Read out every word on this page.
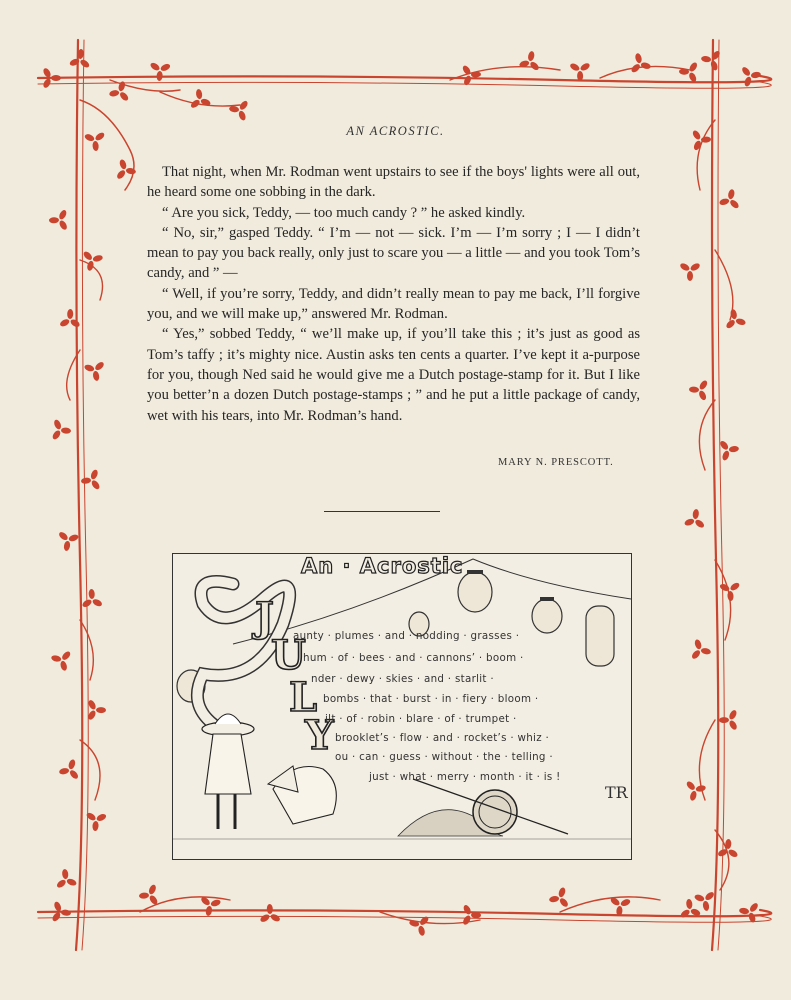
AN ACROSTIC.

That night, when Mr. Rodman went upstairs to see if the boys' lights were all out, he heard some one sobbing in the dark.

“ Are you sick, Teddy, — too much candy ? ” he asked kindly.

“ No, sir,” gasped Teddy. “ I’m — not — sick. I’m — I’m sorry ; I — I didn’t mean to pay you back really, only just to scare you — a little — and you took Tom’s candy, and ” —

“ Well, if you’re sorry, Teddy, and didn’t really mean to pay me back, I’ll forgive you, and we will make up,” answered Mr. Rodman.

“ Yes,” sobbed Teddy, “ we’ll make up, if you’ll take this ; it’s just as good as Tom’s taffy ; it’s mighty nice. Austin asks ten cents a quarter. I’ve kept it a-purpose for you, though Ned said he would give me a Dutch postage-stamp for it. But I like you better’n a dozen Dutch postage-stamps ; ” and he put a little package of candy, wet with his tears, into Mr. Rodman’s hand.

MARY N. PRESCOTT.
An · Acrostic
J
U
L
Y
aunty · plumes · and · nodding · grasses ·
hum · of · bees · and · cannons’ · boom ·
nder · dewy · skies · and · starlit ·
bombs · that · burst · in · fiery · bloom ·
ilt · of · robin · blare · of · trumpet ·
brooklet’s · flow · and · rocket’s · whiz ·
ou · can · guess · without · the · telling ·
just · what · merry · month · it · is !
TR
